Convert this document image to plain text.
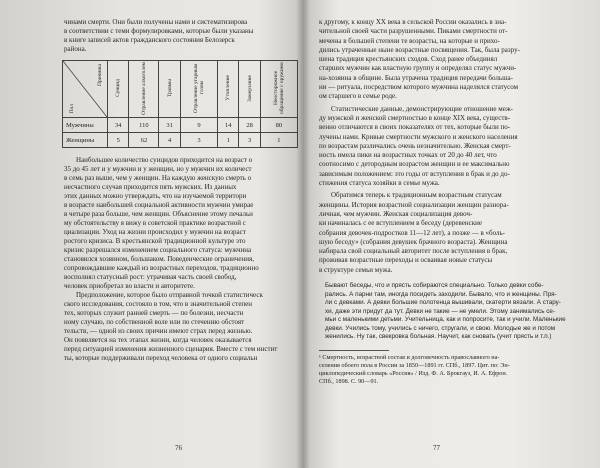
чинами смерти. Они были получены нами и систематизирова
в соответствии с теми формулировками, которые были указаны
в книге записей актов гражданского состояния Белозерск
района.
Причины
Пол	Суицид	Отравление алкоголем	Травмы	Отравление угарным газом	Утопление	Замерзание	Неосторожное обращение с оружием
Мужчины	34	110	31	9	14	28	80
Женщины	5	62	4	3	1	3	1
Наибольшее количество суицидов приходится на возраст о
35 до 45 лет и у мужчин и у женщин, но у мужчин их количест
в семь раз выше, чем у женщин. На каждую женскую смерть о
несчастного случая приходится пять мужских. Из данных
этих данных можно утверждать, что на изучаемой территори
в возрасте наибольшей социальной активности мужчин умирае
в четыре раза больше, чем женщин. Объяснение этому печальн
му обстоятельству я вижу в советской практике возрастной с
циализации. Уход на жизни происходил у мужчин на возраст
ростого кризиса. В крестьянской традиционной культуре это
кризис разрешался изменением социального статуса: мужчина
становился хозяином, большаком. Поведенческие ограничения,
сопровождавшие каждый из возрастных переходов, традиционно
восполнял статусный рост: утрачивая часть своей свобод,
человек приобретал во власти и авторитете.
Предположение, которое было отправной точкой статистическ
ского исследования, состояло в том, что в значительной степен
тех, которых служит ранней смерть — по болезни, несчастн
ному случаю, по собственной воле или по стечению обстоят
тельств, — одной из своих причин имеют страх перед жизнью.
Он появляется на тех этапах жизни, когда человек оказывается
перед ситуацией изменения жизненного сценария. Вместе с тем инстит
ты, которые поддерживали переход человека от одного социальн
76
к другому, к концу XX века в сельской России оказались в зна-
чительной своей части разрушенными. Пиками смертности от-
мечены в большей степени те возрасты, на которые и прихо-
дились утраченные ныне возрастные посвящения. Так, была разру-
шена традиция крестьянских сходов. Сход ранее объединял
старших мужчин как властную группу и определял статус мужчи-
на-хозяина в общине. Была утрачена традиция передачи больша-
ни — ритуала, посредством которого мужчина наделялся статусом
ом старшего в семье роде.
Статистические данные, демонстрирующие отношение меж-
ду мужской и женской смертностью в конце XIX века, существ-
венно отличаются в своих показателях от тех, которые были по-
лучены нами. Кривые смертности мужского и женского населения
по возрастам различались очень незначительно. Женская смерт-
ность имела пики на возрастных точках от 20 до 40 лет, что
соотносимо с детородным возрастом женщин и ее максимально
зависимым положением: это годы от вступления в брак и до до-
стижения статуса хозяйки в семье мужа.
Обратимся теперь к традиционным возрастным статусам
женщины. История возрастной социализации женщин разнора-
личная, чем мужчин. Женская социализация девоч-
ки начиналась с ее вступлением в беседу (деревенские
собрания девочек-подростков 11—12 лет), а позже — в «боль-
шую беседу» (собрания девушек брачного возраста). Женщина
набирала свой социальный авторитет после вступления в брак,
проживая возрастные переходы и осваивая новые статусы
в структуре семьи мужа.
Бывают беседы, что и прясть собираются специально. Только девки собе-
рались. А парни там, иногда посидеть заходили. Бывало, что и женщины. Пря-
ли с девками. А девки большие полотенца вышивали, скатерти вязали. А стару-
хи, даже эти придут да тут. Девки не такие — не умели. Этому занимались се-
мьи с маленькими детьми. Учительница, как и попросите, так и учили. Маленькие
девки. Учились тому, учились с ничего, стругали, и свою. Молодые же и потом
женились. Ну так, свекровка больная. Научит, как сновать (учит прясть и т.п.)
¹ Смертность, возрастной состав и долговечность православного на-
селения обоего пола в России за 1850—1891 гг. СПб., 1897. Цит. по: Эн-
циклопедический словарь «Россия» / Изд. Ф. А. Брокгауз, И. А. Ефрон.
СПб., 1898. С. 90—91.
77
